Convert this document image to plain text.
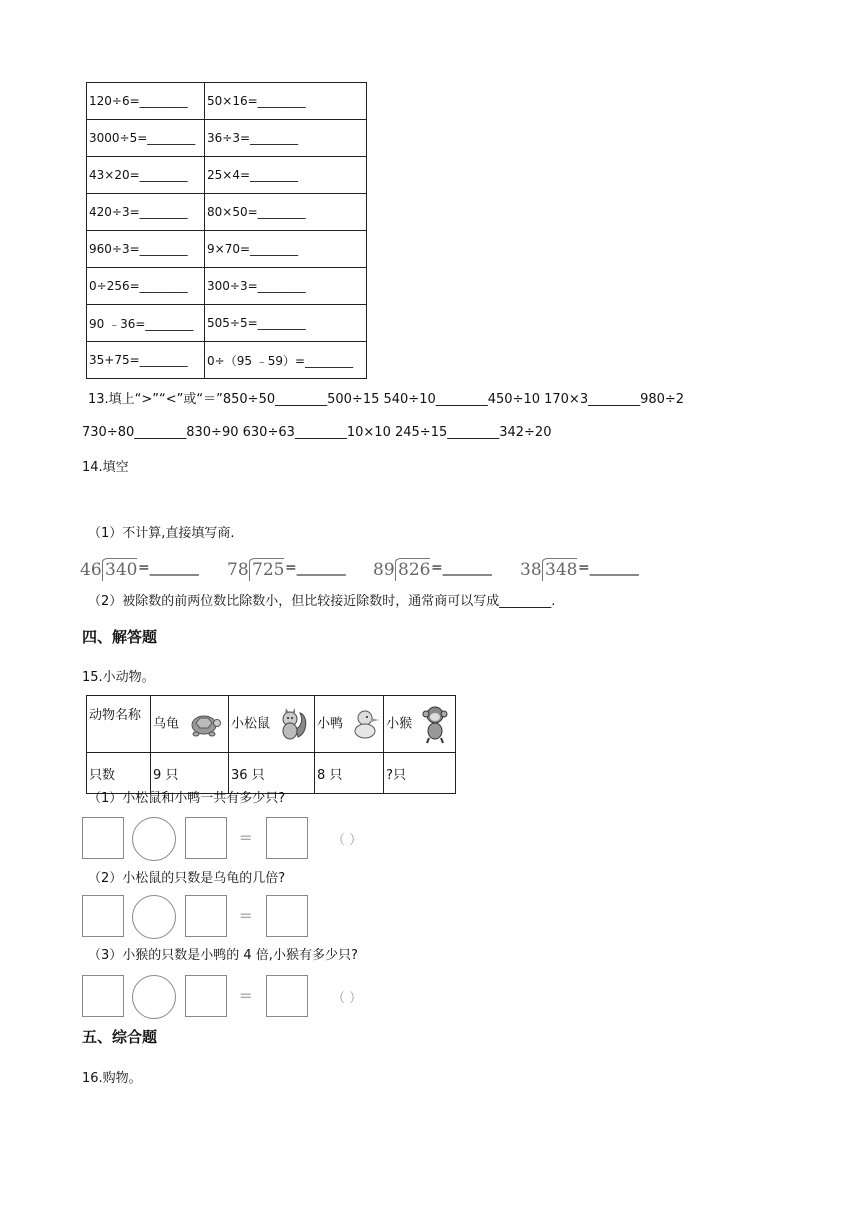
120÷6=________	50×16=________
3000÷5=________	36÷3=________
43×20=________	25×4=________
420÷3=________	80×50=________
960÷3=________	9×70=________
0÷256=________	300÷3=________
90 ﹣36=________	505÷5=________
35+75=________	0÷（95 ﹣59）=________
13.填上“>”“<”或“＝”850÷50________500÷15 540÷10________450÷10 170×3________980÷2
730÷80________830÷90 630÷63________10×10 245÷15________342÷20
14.填空
（1）不计算,直接填写商.
46 340 =_______ 78 725 =_______ 89 826 =_______ 38 348 =_______
（2）被除数的前两位数比除数小，但比较接近除数时，通常商可以写成________.
四、解答题
15.小动物。
动物名称	乌龟	小松鼠	小鸭	小猴
只数	9 只	36 只	8 只	?只
（1）小松鼠和小鸭一共有多少只?
=	（ ）
（2）小松鼠的只数是乌龟的几倍?
=
（3）小猴的只数是小鸭的 4 倍,小猴有多少只?
=	（ ）
五、综合题
16.购物。
